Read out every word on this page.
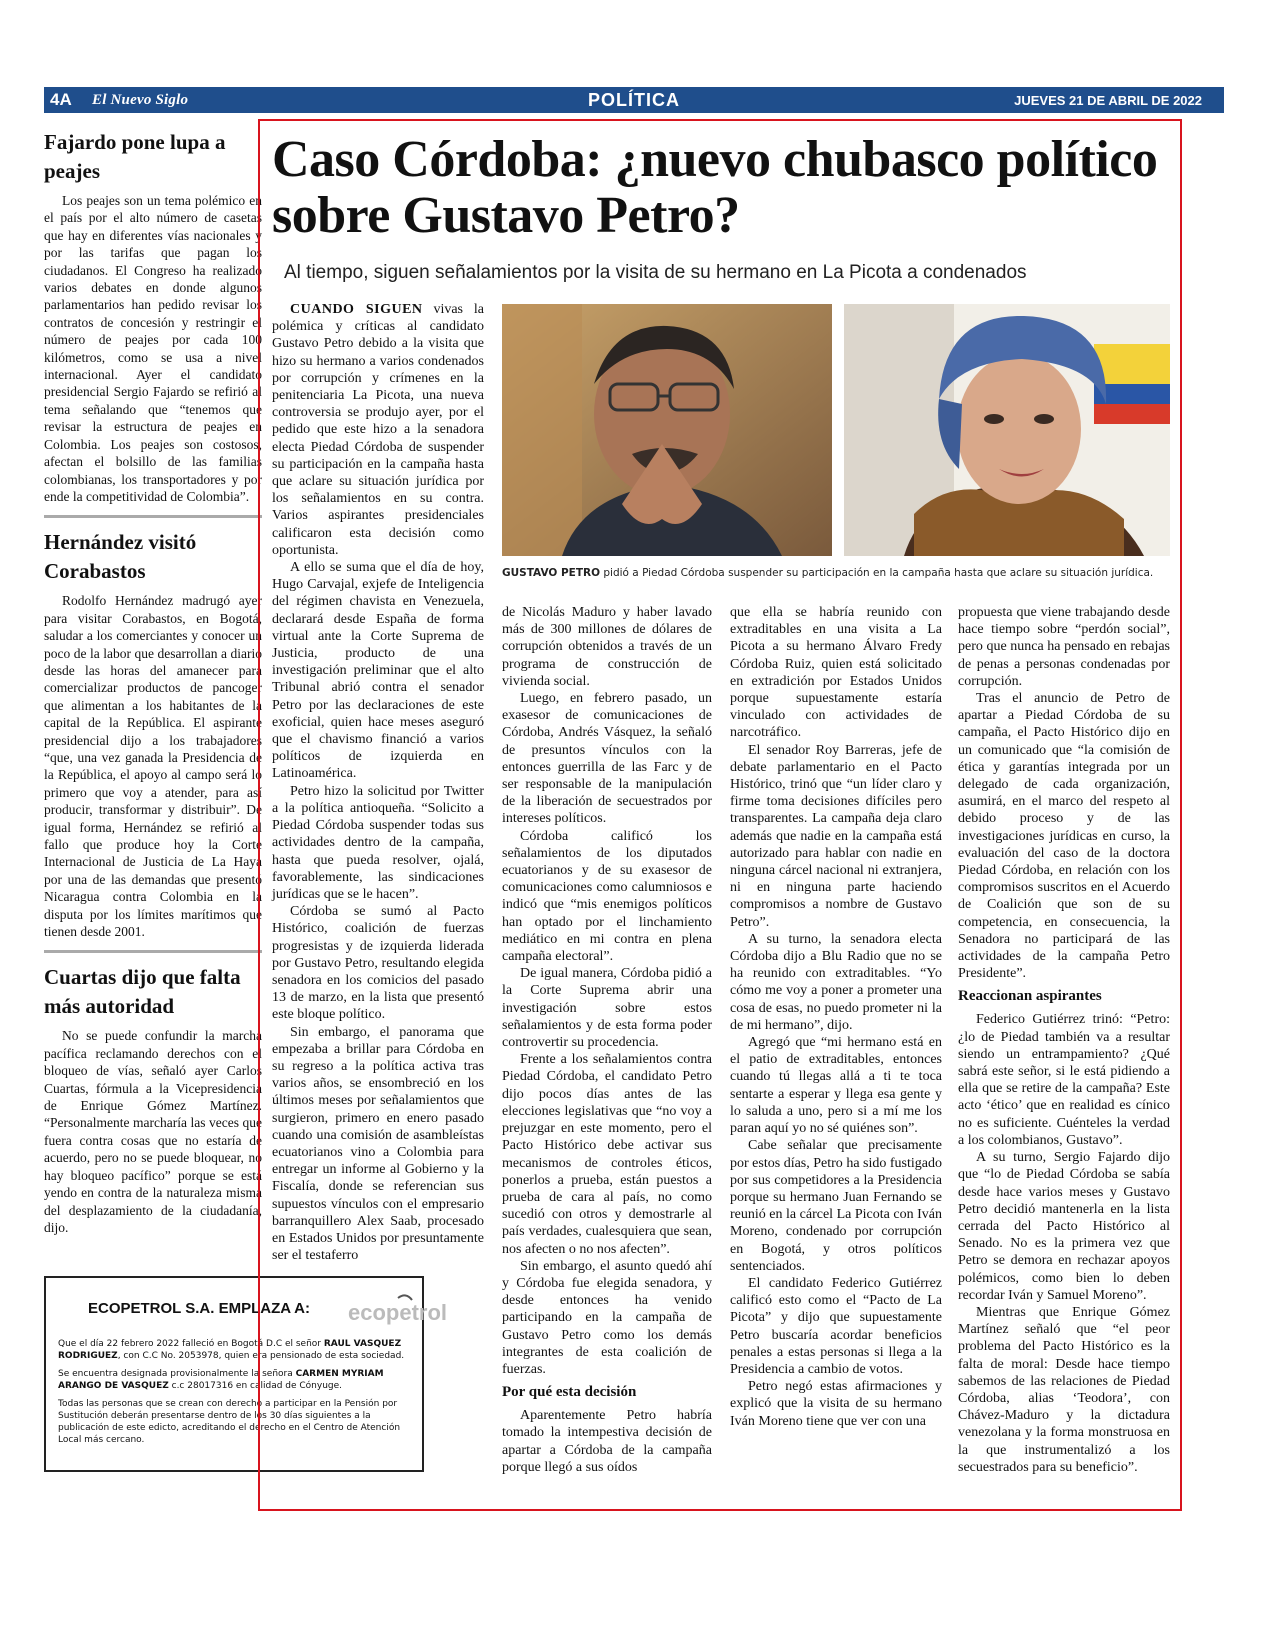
4A El Nuevo Siglo	POLÍTICA	JUEVES 21 DE ABRIL DE 2022
Fajardo pone lupa a peajes

Los peajes son un tema polémico en el país por el alto número de casetas que hay en diferentes vías nacionales y por las tarifas que pagan los ciudadanos. El Congreso ha realizado varios debates en donde algunos parlamentarios han pedido revisar los contratos de concesión y restringir el número de peajes por cada 100 kilómetros, como se usa a nivel internacional. Ayer el candidato presidencial Sergio Fajardo se refirió al tema señalando que “tenemos que revisar la estructura de peajes en Colombia. Los peajes son costosos, afectan el bolsillo de las familias colombianas, los transportadores y por ende la competitividad de Colombia”.

Hernández visitó Corabastos

Rodolfo Hernández madrugó ayer para visitar Corabastos, en Bogotá, saludar a los comerciantes y conocer un poco de la labor que desarrollan a diario desde las horas del amanecer para comercializar productos de pancoger que alimentan a los habitantes de la capital de la República. El aspirante presidencial dijo a los trabajadores “que, una vez ganada la Presidencia de la República, el apoyo al campo será lo primero que voy a atender, para así producir, transformar y distribuir”. De igual forma, Hernández se refirió al fallo que produce hoy la Corte Internacional de Justicia de La Haya por una de las demandas que presentó Nicaragua contra Colombia en la disputa por los límites marítimos que tienen desde 2001.

Cuartas dijo que falta más autoridad

No se puede confundir la marcha pacífica reclamando derechos con el bloqueo de vías, señaló ayer Carlos Cuartas, fórmula a la Vicepresidencia de Enrique Gómez Martínez. “Personalmente marcharía las veces que fuera contra cosas que no estaría de acuerdo, pero no se puede bloquear, no hay bloqueo pacífico” porque se está yendo en contra de la naturaleza misma del desplazamiento de la ciudadanía, dijo.

ECOPETROL S.A. EMPLAZA A: ecopetrol

Que el día 22 febrero 2022 falleció en Bogotá D.C el señor RAUL VASQUEZ RODRIGUEZ, con C.C No. 2053978, quien era pensionado de esta sociedad.

Se encuentra designada provisionalmente la señora CARMEN MYRIAM ARANGO DE VASQUEZ c.c 28017316 en calidad de Cónyuge.

Todas las personas que se crean con derecho a participar en la Pensión por Sustitución deberán presentarse dentro de los 30 días siguientes a la publicación de este edicto, acreditando el derecho en el Centro de Atención Local más cercano.

Caso Córdoba: ¿nuevo chubasco político sobre Gustavo Petro?

Al tiempo, siguen señalamientos por la visita de su hermano en La Picota a condenados

GUSTAVO PETRO pidió a Piedad Córdoba suspender su participación en la campaña hasta que aclare su situación jurídica.

CUANDO SIGUEN vivas la polémica y críticas al candidato Gustavo Petro debido a la visita que hizo su hermano a varios condenados por corrupción y crímenes en la penitenciaria La Picota, una nueva controversia se produjo ayer, por el pedido que este hizo a la senadora electa Piedad Córdoba de suspender su participación en la campaña hasta que aclare su situación jurídica por los señalamientos en su contra. Varios aspirantes presidenciales calificaron esta decisión como oportunista.

A ello se suma que el día de hoy, Hugo Carvajal, exjefe de Inteligencia del régimen chavista en Venezuela, declarará desde España de forma virtual ante la Corte Suprema de Justicia, producto de una investigación preliminar que el alto Tribunal abrió contra el senador Petro por las declaraciones de este exoficial, quien hace meses aseguró que el chavismo financió a varios políticos de izquierda en Latinoamérica.

Petro hizo la solicitud por Twitter a la política antioqueña. “Solicito a Piedad Córdoba suspender todas sus actividades dentro de la campaña, hasta que pueda resolver, ojalá, favorablemente, las sindicaciones jurídicas que se le hacen”.

Córdoba se sumó al Pacto Histórico, coalición de fuerzas progresistas y de izquierda liderada por Gustavo Petro, resultando elegida senadora en los comicios del pasado 13 de marzo, en la lista que presentó este bloque político.

Sin embargo, el panorama que empezaba a brillar para Córdoba en su regreso a la política activa tras varios años, se ensombreció en los últimos meses por señalamientos que surgieron, primero en enero pasado cuando una comisión de asambleístas ecuatorianos vino a Colombia para entregar un informe al Gobierno y la Fiscalía, donde se referencian sus supuestos vínculos con el empresario barranquillero Alex Saab, procesado en Estados Unidos por presuntamente ser el testaferro

de Nicolás Maduro y haber lavado más de 300 millones de dólares de corrupción obtenidos a través de un programa de construcción de vivienda social.

Luego, en febrero pasado, un exasesor de comunicaciones de Córdoba, Andrés Vásquez, la señaló de presuntos vínculos con la entonces guerrilla de las Farc y de ser responsable de la manipulación de la liberación de secuestrados por intereses políticos.

Córdoba calificó los señalamientos de los diputados ecuatorianos y de su exasesor de comunicaciones como calumniosos e indicó que “mis enemigos políticos han optado por el linchamiento mediático en mi contra en plena campaña electoral”.

De igual manera, Córdoba pidió a la Corte Suprema abrir una investigación sobre estos señalamientos y de esta forma poder controvertir su procedencia.

Frente a los señalamientos contra Piedad Córdoba, el candidato Petro dijo pocos días antes de las elecciones legislativas que “no voy a prejuzgar en este momento, pero el Pacto Histórico debe activar sus mecanismos de controles éticos, ponerlos a prueba, están puestos a prueba de cara al país, no como sucedió con otros y demostrarle al país verdades, cualesquiera que sean, nos afecten o no nos afecten”.

Sin embargo, el asunto quedó ahí y Córdoba fue elegida senadora, y desde entonces ha venido participando en la campaña de Gustavo Petro como los demás integrantes de esta coalición de fuerzas.

Por qué esta decisión

Aparentemente Petro habría tomado la intempestiva decisión de apartar a Córdoba de la campaña porque llegó a sus oídos

que ella se habría reunido con extraditables en una visita a La Picota a su hermano Álvaro Fredy Córdoba Ruiz, quien está solicitado en extradición por Estados Unidos porque supuestamente estaría vinculado con actividades de narcotráfico.

El senador Roy Barreras, jefe de debate parlamentario en el Pacto Histórico, trinó que “un líder claro y firme toma decisiones difíciles pero transparentes. La campaña deja claro además que nadie en la campaña está autorizado para hablar con nadie en ninguna cárcel nacional ni extranjera, ni en ninguna parte haciendo compromisos a nombre de Gustavo Petro”.

A su turno, la senadora electa Córdoba dijo a Blu Radio que no se ha reunido con extraditables. “Yo cómo me voy a poner a prometer una cosa de esas, no puedo prometer ni la de mi hermano”, dijo.

Agregó que “mi hermano está en el patio de extraditables, entonces cuando tú llegas allá a ti te toca sentarte a esperar y llega esa gente y lo saluda a uno, pero si a mí me los paran aquí yo no sé quiénes son”.

Cabe señalar que precisamente por estos días, Petro ha sido fustigado por sus competidores a la Presidencia porque su hermano Juan Fernando se reunió en la cárcel La Picota con Iván Moreno, condenado por corrupción en Bogotá, y otros políticos sentenciados.

El candidato Federico Gutiérrez calificó esto como el “Pacto de La Picota” y dijo que supuestamente Petro buscaría acordar beneficios penales a estas personas si llega a la Presidencia a cambio de votos.

Petro negó estas afirmaciones y explicó que la visita de su hermano Iván Moreno tiene que ver con una

propuesta que viene trabajando desde hace tiempo sobre “perdón social”, pero que nunca ha pensado en rebajas de penas a personas condenadas por corrupción.

Tras el anuncio de Petro de apartar a Piedad Córdoba de su campaña, el Pacto Histórico dijo en un comunicado que “la comisión de ética y garantías integrada por un delegado de cada organización, asumirá, en el marco del respeto al debido proceso y de las investigaciones jurídicas en curso, la evaluación del caso de la doctora Piedad Córdoba, en relación con los compromisos suscritos en el Acuerdo de Coalición que son de su competencia, en consecuencia, la Senadora no participará de las actividades de la campaña Petro Presidente”.

Reaccionan aspirantes

Federico Gutiérrez trinó: “Petro: ¿lo de Piedad también va a resultar siendo un entrampamiento? ¿Qué sabrá este señor, si le está pidiendo a ella que se retire de la campaña? Este acto ‘ético’ que en realidad es cínico no es suficiente. Cuénteles la verdad a los colombianos, Gustavo”.

A su turno, Sergio Fajardo dijo que “lo de Piedad Córdoba se sabía desde hace varios meses y Gustavo Petro decidió mantenerla en la lista cerrada del Pacto Histórico al Senado. No es la primera vez que Petro se demora en rechazar apoyos polémicos, como bien lo deben recordar Iván y Samuel Moreno”.

Mientras que Enrique Gómez Martínez señaló que “el peor problema del Pacto Histórico es la falta de moral: Desde hace tiempo sabemos de las relaciones de Piedad Córdoba, alias ‘Teodora’, con Chávez-Maduro y la dictadura venezolana y la forma monstruosa en la que instrumentalizó a los secuestrados para su beneficio”.
